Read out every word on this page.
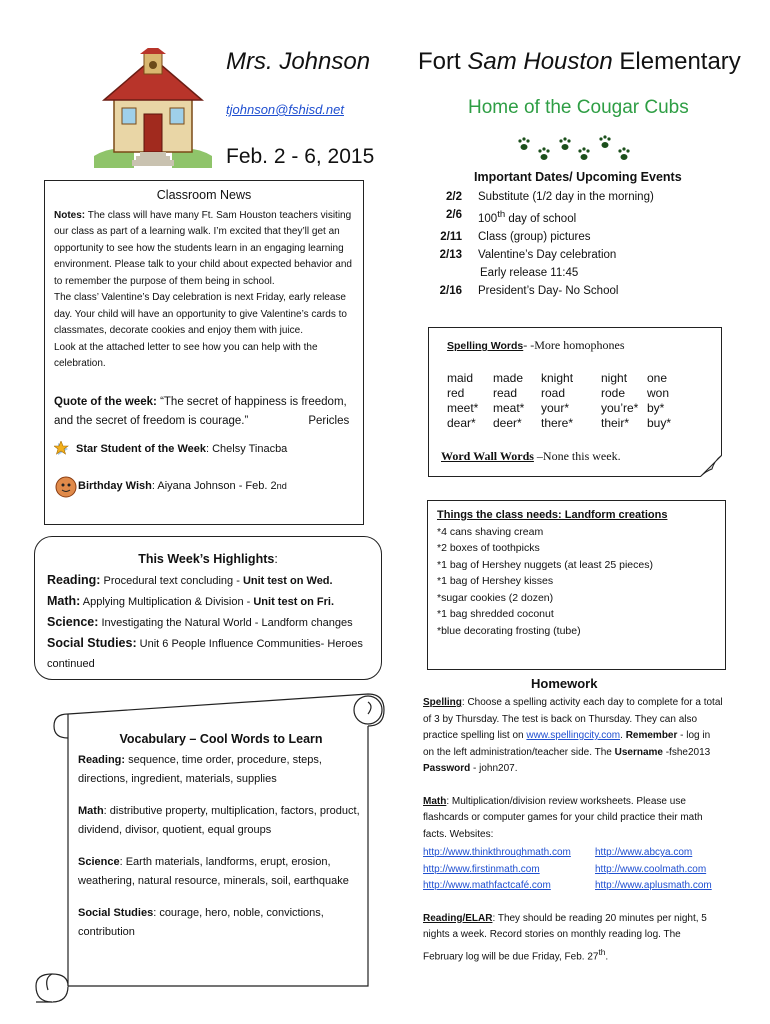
Mrs. Johnson
tjohnson@fshisd.net
Feb. 2 - 6, 2015
Fort Sam Houston Elementary
Home of the Cougar Cubs
Classroom News

Notes: The class will have many Ft. Sam Houston teachers visiting our class as part of a learning walk. I’m excited that they’ll get an opportunity to see how the students learn in an engaging learning environment. Please talk to your child about expected behavior and to remember the purpose of them being in school.

The class’ Valentine’s Day celebration is next Friday, early release day. Your child will have an opportunity to give Valentine’s cards to classmates, decorate cookies and enjoy them with juice.

Look at the attached letter to see how you can help with the celebration.

Quote of the week: “The secret of happiness is freedom, and the secret of freedom is courage.”	Pericles
Star Student of the Week : Chelsy Tinacba
Birthday Wish : Aiyana Johnson - Feb. 2 nd
Important Dates/ Upcoming Events
2/2	Substitute (1/2 day in the morning)
2/6	100th day of school
2/11	Class (group) pictures
2/13	Valentine’s Day celebration
Early release 11:45
2/16	President’s Day- No School
Spelling Words- -More homophones
maid	made	knight	night	one
red	read	road	rode	won
meet*	meat*	your*	you’re* by*
dear*	deer*	there*	their*	buy*
Word Wall Words –None this week.
Things the class needs: Landform creations
*4 cans shaving cream
*2 boxes of toothpicks
*1 bag of Hershey nuggets (at least 25 pieces)
*1 bag of Hershey kisses
*sugar cookies (2 dozen)
*1 bag shredded coconut
*blue decorating frosting (tube)
This Week’s Highlights:
Reading: Procedural text concluding - Unit test on Wed.
Math: Applying Multiplication & Division - Unit test on Fri.
Science: Investigating the Natural World - Landform changes
Social Studies: Unit 6 People Influence Communities- Heroes continued
Homework

Spelling: Choose a spelling activity each day to complete for a total of 3 by Thursday. The test is back on Thursday. They can also practice spelling list on www.spellingcity.com. Remember - log in on the left administration/teacher side. The Username -fshe2013 Password - john207.

Math: Multiplication/division review worksheets. Please use flashcards or computer games for your child practice their math facts. Websites:

http://www.thinkthroughmath.com	http://www.abcya.com
http://www.firstinmath.com	http://www.coolmath.com
http://www.mathfactcafé.com	http://www.aplusmath.com

Reading/ELAR: They should be reading 20 minutes per night, 5 nights a week. Record stories on monthly reading log. The February log will be due Friday, Feb. 27th.

Vocabulary – Cool Words to Learn

Reading: sequence, time order, procedure, steps, directions, ingredient, materials, supplies

Math: distributive property, multiplication, factors, product, dividend, divisor, quotient, equal groups

Science: Earth materials, landforms, erupt, erosion, weathering, natural resource, minerals, soil, earthquake

Social Studies: courage, hero, noble, convictions, contribution
